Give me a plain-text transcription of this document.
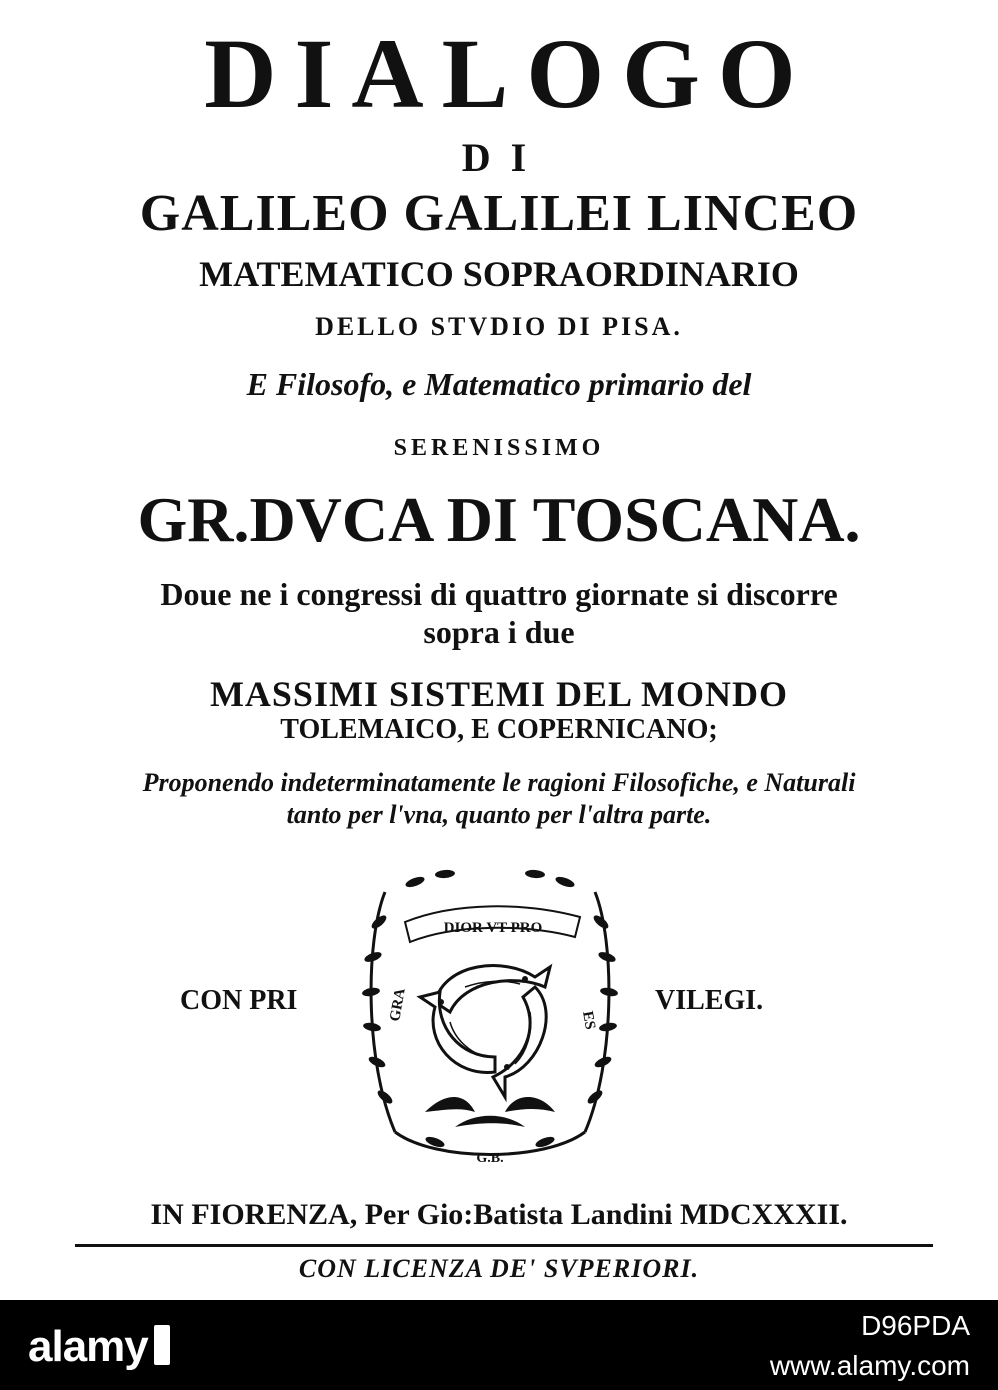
DIALOGO
DI
GALILEO GALILEI LINCEO
MATEMATICO SOPRAORDINARIO
DELLO STVDIO DI PISA.
E Filosofo, e Matematico primario del
SERENISSIMO
GR.DVCA DI TOSCANA.
Doue ne i congressi di quattro giornate si discorre
sopra i due
MASSIMI SISTEMI DEL MONDO
TOLEMAICO, E COPERNICANO;
Proponendo indeterminatamente le ragioni Filosofiche, e Naturali
tanto per l'vna, quanto per l'altra parte.
CON PRI
DIOR VT PRO
GRA	ES
G.B.
VILEGI.
IN FIORENZA, Per Gio:Batista Landini MDCXXXII.
CON LICENZA DE' SVPERIORI.
alamy	D96PDA
www.alamy.com
